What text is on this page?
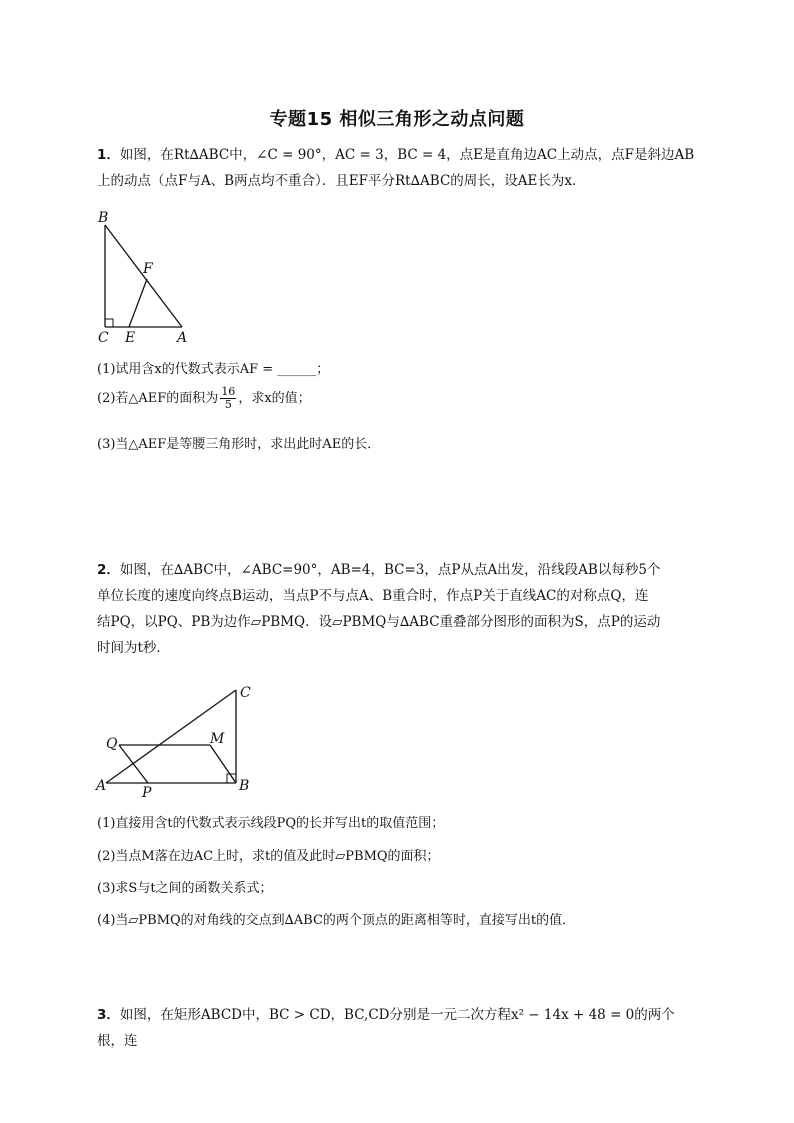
专题15 相似三角形之动点问题
1．如图，在Rt∆ABC中，∠C = 90°，AC = 3，BC = 4，点E是直角边AC上动点，点F是斜边AB
上的动点（点F与A、B两点均不重合）．且EF平分Rt∆ABC的周长，设AE长为x．
B
F
C E	A
(1)试用含x的代数式表示AF = ______；
(2)若△AEF的面积为 $\frac{16}{5}$ ，求x的值；
(3)当△AEF是等腰三角形时，求出此时AE的长．
2．如图，在∆ABC中，∠ABC=90°，AB=4，BC=3，点P从点A出发，沿线段AB以每秒5个
单位长度的速度向终点B运动，当点P不与点A、B重合时，作点P关于直线AC的对称点Q，连
结PQ，以PQ、PB为边作▱PBMQ．设▱PBMQ与∆ABC重叠部分图形的面积为S，点P的运动
时间为t秒．
C
Q	M
A	P	B
(1)直接用含t的代数式表示线段PQ的长并写出t的取值范围；
(2)当点M落在边AC上时，求t的值及此时▱PBMQ的面积；
(3)求S与t之间的函数关系式；
(4)当▱PBMQ的对角线的交点到∆ABC的两个顶点的距离相等时，直接写出t的值．
3．如图，在矩形ABCD中，BC > CD，BC,CD分别是一元二次方程x² − 14x + 48 = 0的两个根，连
